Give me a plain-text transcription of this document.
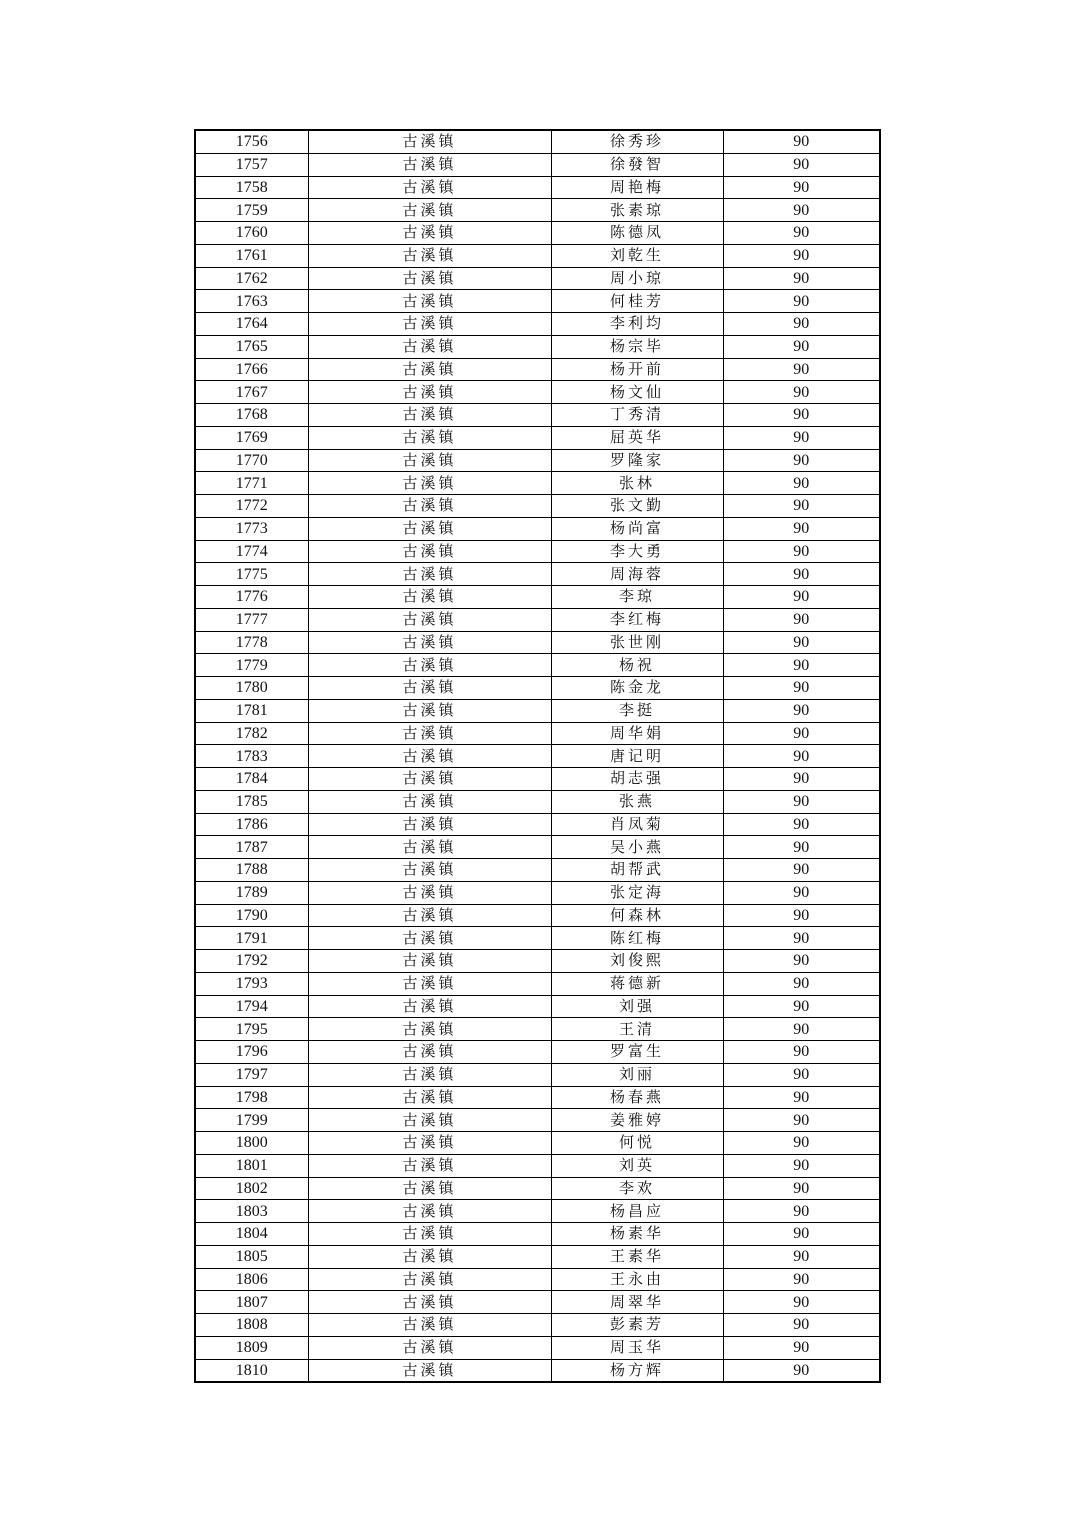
1756	古溪镇	徐秀珍	90
1757	古溪镇	徐發智	90
1758	古溪镇	周艳梅	90
1759	古溪镇	张素琼	90
1760	古溪镇	陈德凤	90
1761	古溪镇	刘乾生	90
1762	古溪镇	周小琼	90
1763	古溪镇	何桂芳	90
1764	古溪镇	李利均	90
1765	古溪镇	杨宗毕	90
1766	古溪镇	杨开前	90
1767	古溪镇	杨文仙	90
1768	古溪镇	丁秀清	90
1769	古溪镇	屈英华	90
1770	古溪镇	罗隆家	90
1771	古溪镇	张林	90
1772	古溪镇	张文勤	90
1773	古溪镇	杨尚富	90
1774	古溪镇	李大勇	90
1775	古溪镇	周海蓉	90
1776	古溪镇	李琼	90
1777	古溪镇	李红梅	90
1778	古溪镇	张世刚	90
1779	古溪镇	杨祝	90
1780	古溪镇	陈金龙	90
1781	古溪镇	李挺	90
1782	古溪镇	周华娟	90
1783	古溪镇	唐记明	90
1784	古溪镇	胡志强	90
1785	古溪镇	张燕	90
1786	古溪镇	肖凤菊	90
1787	古溪镇	吴小燕	90
1788	古溪镇	胡帮武	90
1789	古溪镇	张定海	90
1790	古溪镇	何森林	90
1791	古溪镇	陈红梅	90
1792	古溪镇	刘俊熙	90
1793	古溪镇	蒋德新	90
1794	古溪镇	刘强	90
1795	古溪镇	王清	90
1796	古溪镇	罗富生	90
1797	古溪镇	刘丽	90
1798	古溪镇	杨春燕	90
1799	古溪镇	姜雅婷	90
1800	古溪镇	何悦	90
1801	古溪镇	刘英	90
1802	古溪镇	李欢	90
1803	古溪镇	杨昌应	90
1804	古溪镇	杨素华	90
1805	古溪镇	王素华	90
1806	古溪镇	王永由	90
1807	古溪镇	周翠华	90
1808	古溪镇	彭素芳	90
1809	古溪镇	周玉华	90
1810	古溪镇	杨方辉	90
